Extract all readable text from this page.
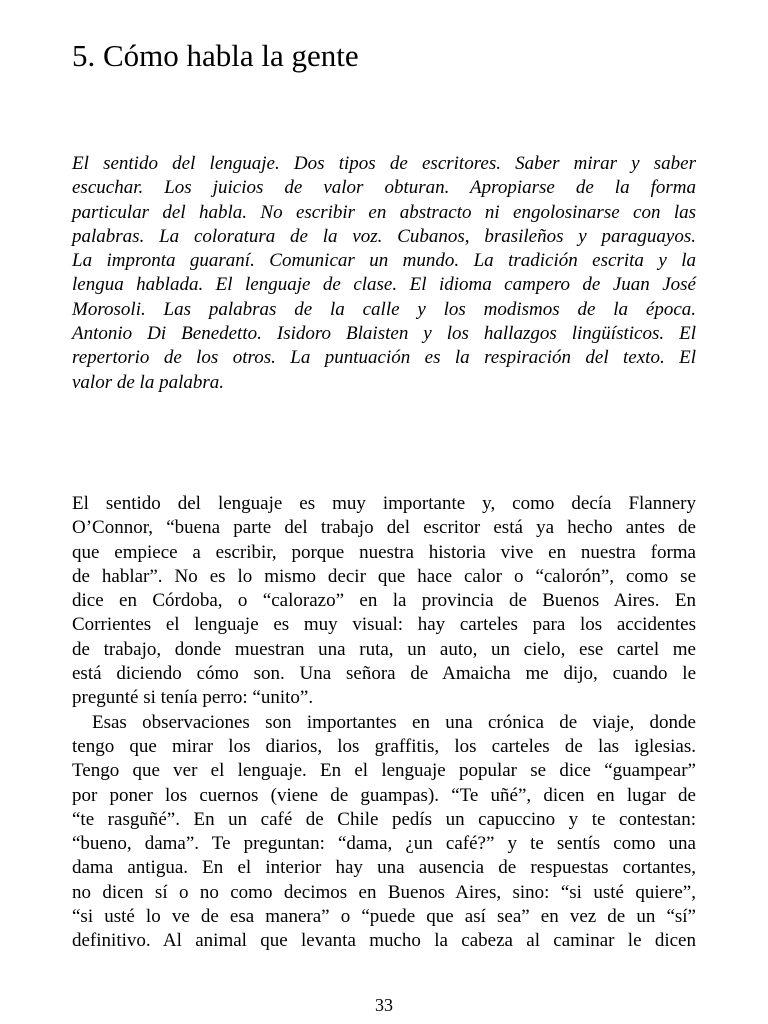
5. Cómo habla la gente
El sentido del lenguaje. Dos tipos de escritores. Saber mirar y saber
escuchar. Los juicios de valor obturan. Apropiarse de la forma
particular del habla. No escribir en abstracto ni engolosinarse con las
palabras. La coloratura de la voz. Cubanos, brasileños y paraguayos.
La impronta guaraní. Comunicar un mundo. La tradición escrita y la
lengua hablada. El lenguaje de clase. El idioma campero de Juan José
Morosoli. Las palabras de la calle y los modismos de la época.
Antonio Di Benedetto. Isidoro Blaisten y los hallazgos lingüísticos. El
repertorio de los otros. La puntuación es la respiración del texto. El
valor de la palabra.
El sentido del lenguaje es muy importante y, como decía Flannery
O’Connor, “buena parte del trabajo del escritor está ya hecho antes de
que empiece a escribir, porque nuestra historia vive en nuestra forma
de hablar”. No es lo mismo decir que hace calor o “calorón”, como se
dice en Córdoba, o “calorazo” en la provincia de Buenos Aires. En
Corrientes el lenguaje es muy visual: hay carteles para los accidentes
de trabajo, donde muestran una ruta, un auto, un cielo, ese cartel me
está diciendo cómo son. Una señora de Amaicha me dijo, cuando le
pregunté si tenía perro: “unito”.
Esas observaciones son importantes en una crónica de viaje, donde
tengo que mirar los diarios, los graffitis, los carteles de las iglesias.
Tengo que ver el lenguaje. En el lenguaje popular se dice “guampear”
por poner los cuernos (viene de guampas). “Te uñé”, dicen en lugar de
“te rasguñé”. En un café de Chile pedís un capuccino y te contestan:
“bueno, dama”. Te preguntan: “dama, ¿un café?” y te sentís como una
dama antigua. En el interior hay una ausencia de respuestas cortantes,
no dicen sí o no como decimos en Buenos Aires, sino: “si usté quiere”,
“si usté lo ve de esa manera” o “puede que así sea” en vez de un “sí”
definitivo. Al animal que levanta mucho la cabeza al caminar le dicen
33
